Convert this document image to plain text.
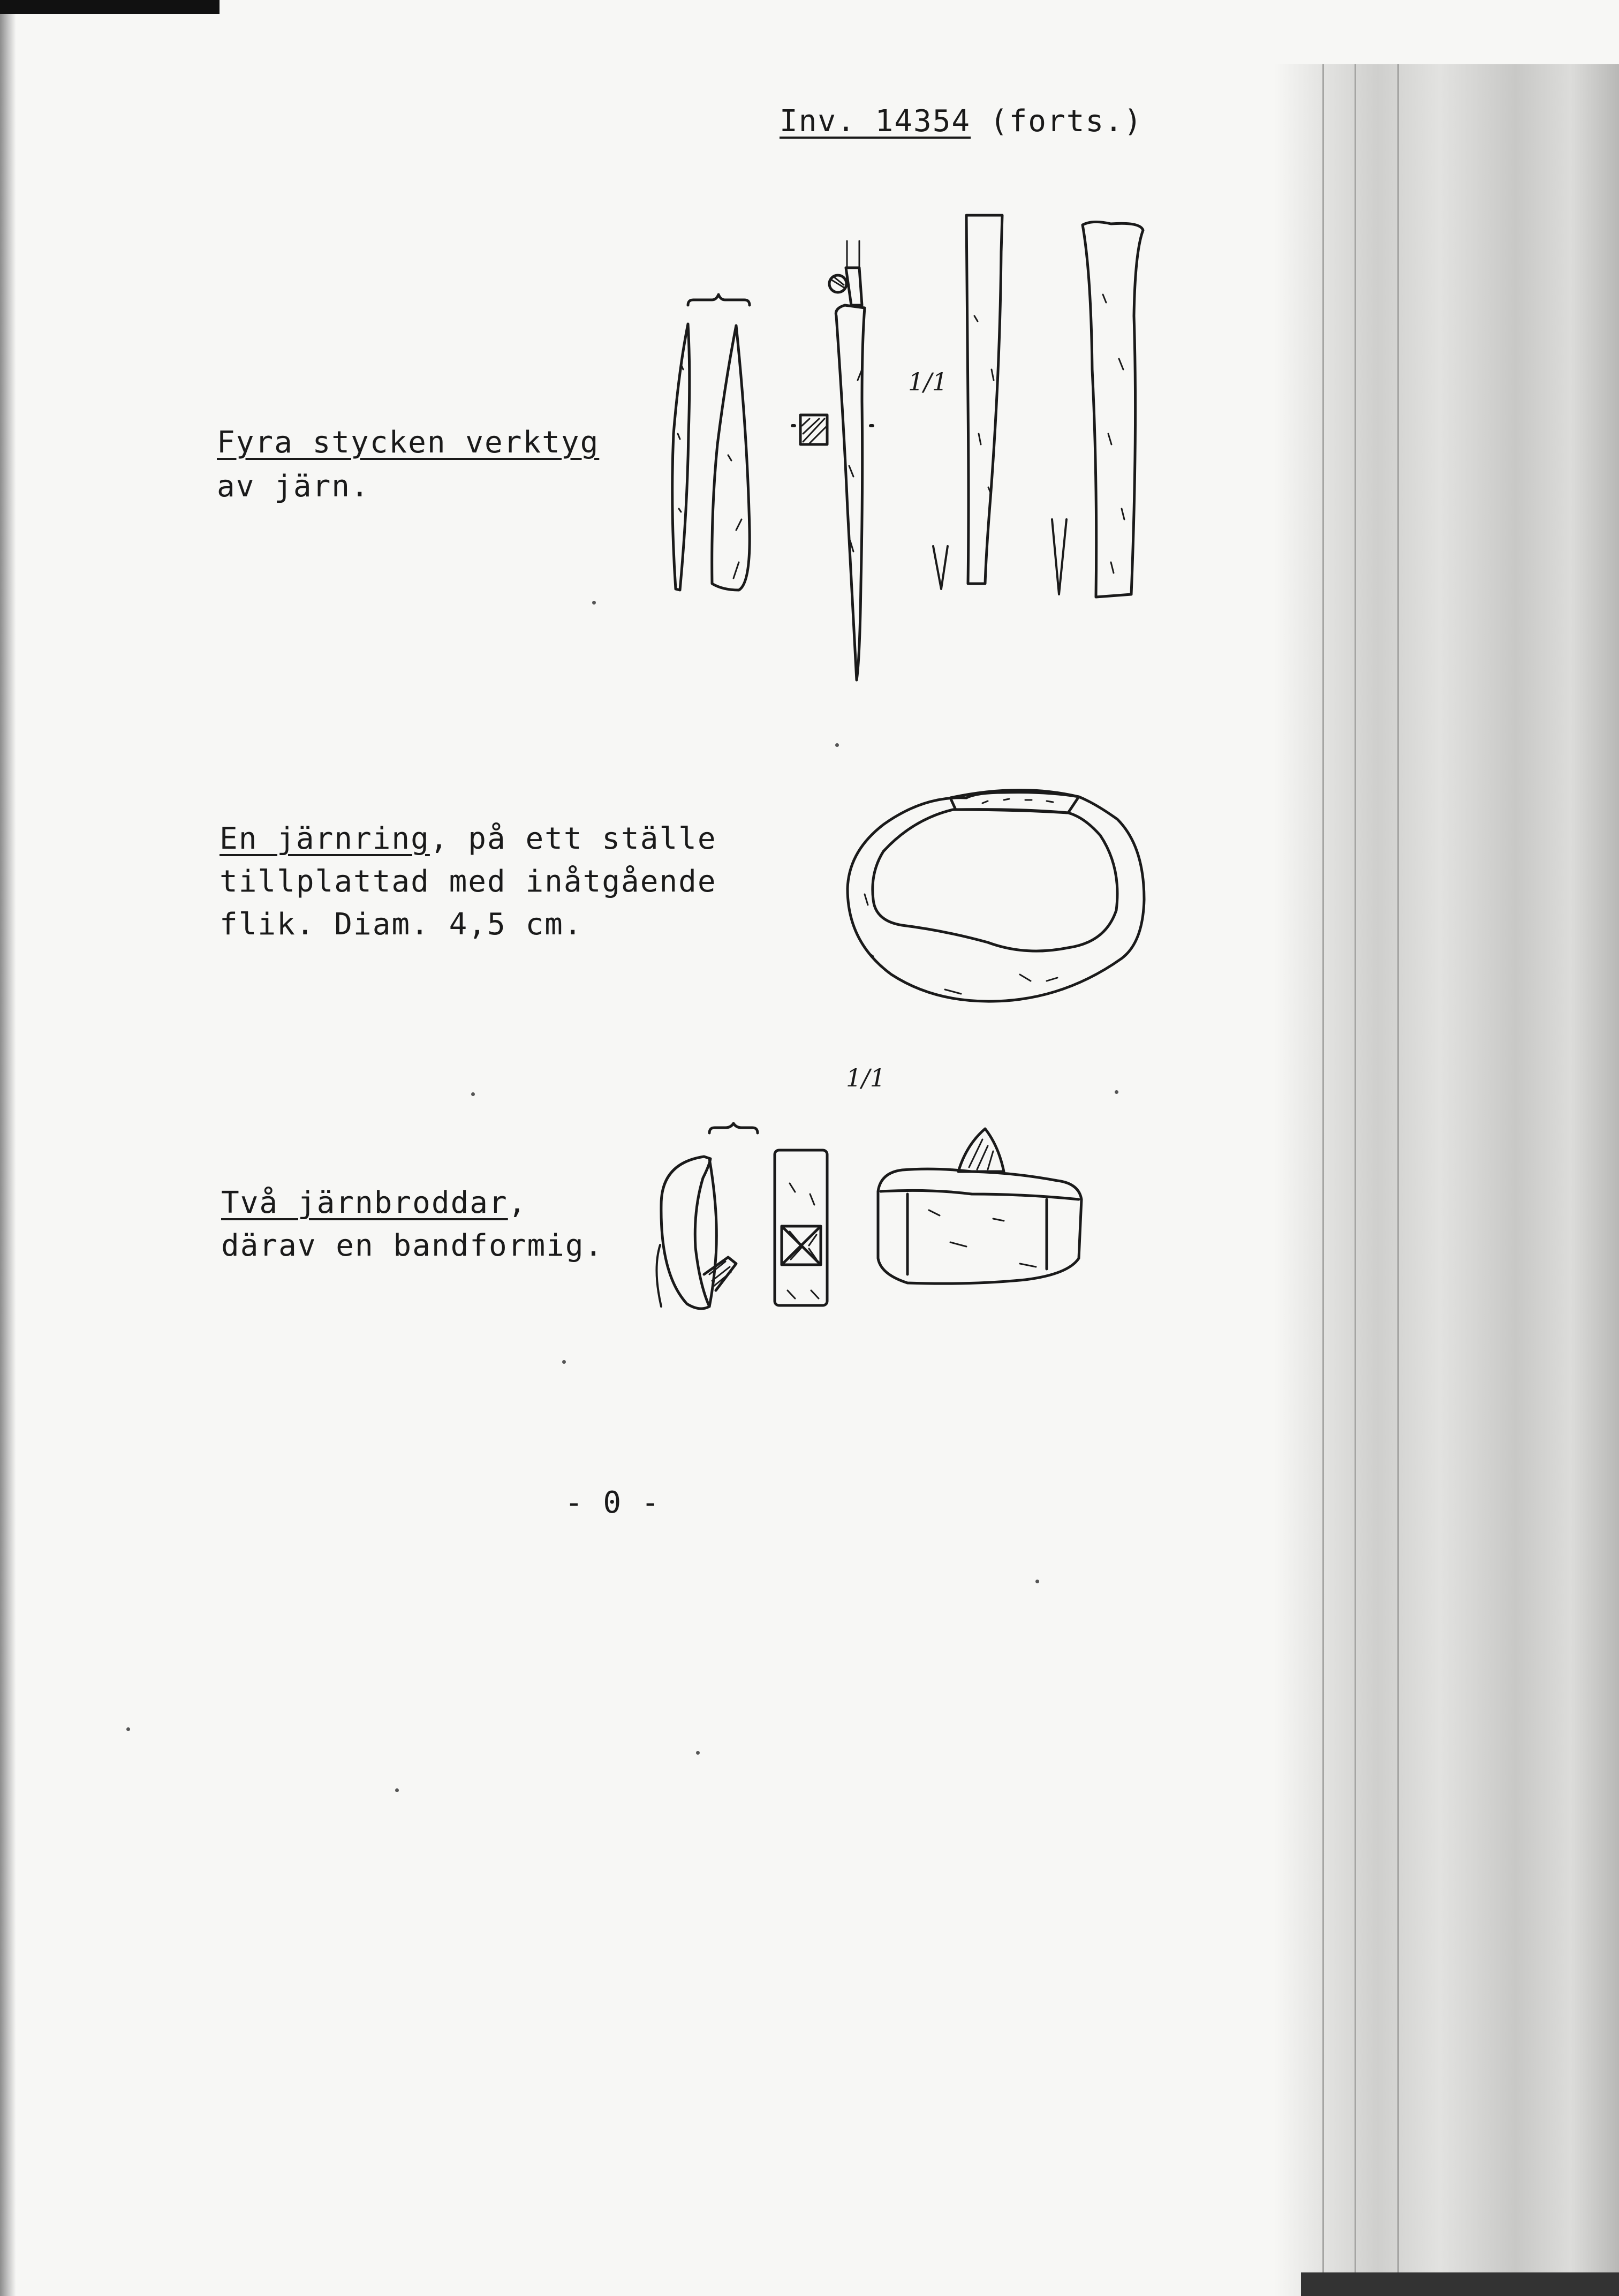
Inv. 14354 (forts.)
Fyra stycken verktyg
av järn.
En järnring, på ett ställe
tillplattad med inåtgående
flik. Diam. 4,5 cm.
Två järnbroddar,
därav en bandformig.
- 0 -
1/1
1/1
